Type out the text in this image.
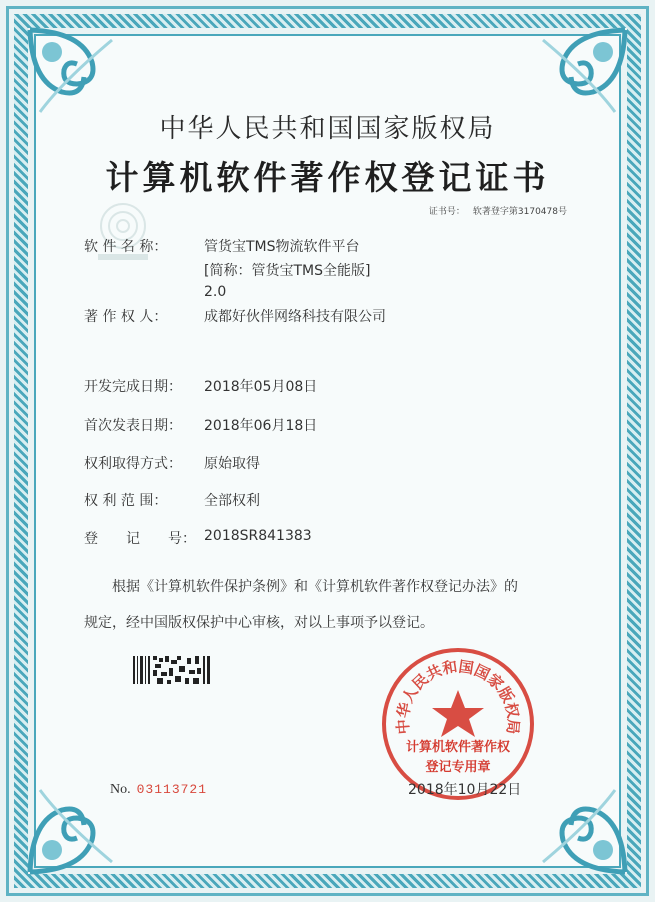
中华人民共和国国家版权局
计算机软件著作权登记证书
证书号： 软著登字第3170478号
软 件 名 称：	管货宝TMS物流软件平台
[简称：管货宝TMS全能版]
2.0
著 作 权 人：	成都好伙伴网络科技有限公司
开发完成日期：	2018年05月08日
首次发表日期：	2018年06月18日
权利取得方式：	原始取得
权 利 范 围：	全部权利
登　　记　　号： 2018SR841383
根据《计算机软件保护条例》和《计算机软件著作权登记办法》的
规定，经中国版权保护中心审核，对以上事项予以登记。
No. 03113721
中华人民共和国国家版权局
计算机软件著作权
登记专用章
2018年10月22日
